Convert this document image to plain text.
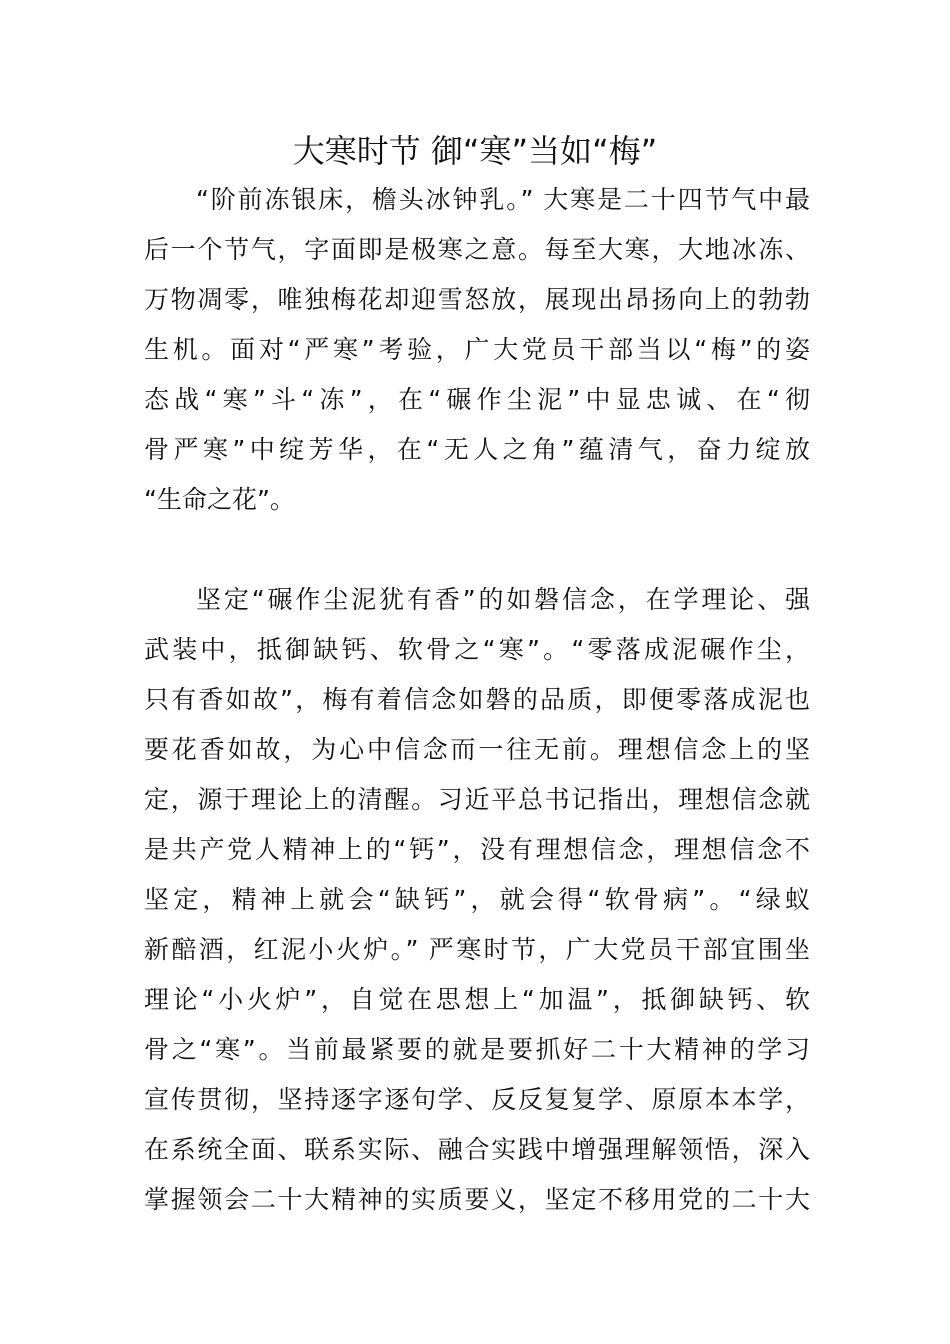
大寒时节 御“寒”当如“梅”
“阶前冻银床，檐头冰钟乳。” 大寒是二十四节气中最
后一个节气，字面即是极寒之意。每至大寒，大地冰冻、
万物凋零，唯独梅花却迎雪怒放，展现出昂扬向上的勃勃
生机。面对“严寒”考验，广大党员干部当以“梅”的姿
态战“寒”斗“冻”，在“碾作尘泥”中显忠诚、在“彻
骨严寒”中绽芳华，在“无人之角”蕴清气，奋力绽放
“生命之花”。
坚定“碾作尘泥犹有香”的如磐信念，在学理论、强
武装中，抵御缺钙、软骨之“寒”。“零落成泥碾作尘，
只有香如故”，梅有着信念如磐的品质，即便零落成泥也
要花香如故，为心中信念而一往无前。理想信念上的坚
定，源于理论上的清醒。习近平总书记指出，理想信念就
是共产党人精神上的“钙”，没有理想信念，理想信念不
坚定，精神上就会“缺钙”，就会得“软骨病”。“绿蚁
新醅酒，红泥小火炉。” 严寒时节，广大党员干部宜围坐
理论“小火炉”，自觉在思想上“加温”，抵御缺钙、软
骨之“寒”。当前最紧要的就是要抓好二十大精神的学习
宣传贯彻，坚持逐字逐句学、反反复复学、原原本本学，
在系统全面、联系实际、融合实践中增强理解领悟，深入
掌握领会二十大精神的实质要义，坚定不移用党的二十大
